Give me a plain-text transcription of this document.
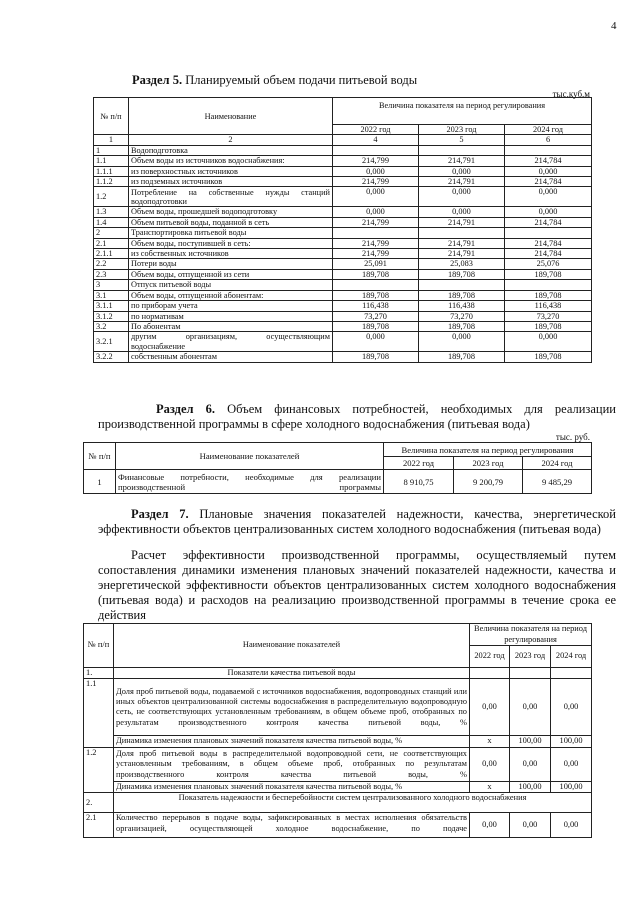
4
Раздел 5. Планируемый объем подачи питьевой воды
тыс.куб.м
№ п/п	Наименование	Величина показателя на период регулирования		
		2022 год	2023 год	2024 год
1	2	4	5	6
1	Водоподготовка			
1.1	Объем воды из источников водоснабжения:	214,799	214,791	214,784
1.1.1	из поверхностных источников	0,000	0,000	0,000
1.1.2	из подземных источников	214,799	214,791	214,784
1.2	Потребление на собственные нужды станций водоподготовки	0,000	0,000	0,000
1.3	Объем воды, прошедшей водоподготовку	0,000	0,000	0,000
1.4	Объем питьевой воды, поданной в сеть	214,799	214,791	214,784
2	Транспортировка питьевой воды			
2.1	Объем воды, поступившей в сеть:	214,799	214,791	214,784
2.1.1	из собственных источников	214,799	214,791	214,784
2.2	Потери воды	25,091	25,083	25,076
2.3	Объем воды, отпущенной из сети	189,708	189,708	189,708
3	Отпуск питьевой воды			
3.1	Объем воды, отпущенной абонентам:	189,708	189,708	189,708
3.1.1	по приборам учета	116,438	116,438	116,438
3.1.2	по нормативам	73,270	73,270	73,270
3.2	По абонентам	189,708	189,708	189,708
3.2.1	другим организациям, осуществляющим водоснабжение	0,000	0,000	0,000
3.2.2	собственным абонентам	189,708	189,708	189,708
Раздел 6. Объем финансовых потребностей, необходимых для реализации производственной программы в сфере холодного водоснабжения (питьевая вода)
тыс. руб.
№ п/п	Наименование показателей	Величина показателя на период регулирования		
		2022 год	2023 год	2024 год
1	Финансовые потребности, необходимые для реализации производственной программы	8 910,75	9 200,79	9 485,29
Раздел 7. Плановые значения показателей надежности, качества, энергетической эффективности объектов централизованных систем холодного водоснабжения (питьевая вода)
Расчет эффективности производственной программы, осуществляемый путем сопоставления динамики изменения плановых значений показателей надежности, качества и энергетической эффективности объектов централизованных систем холодного водоснабжения (питьевая вода) и расходов на реализацию производственной программы в течение срока ее действия
№ п/п	Наименование показателей	Величина показателя на период регулирования		
		2022 год	2023 год	2024 год
1.	Показатели качества питьевой воды			
1.1	Доля проб питьевой воды, подаваемой с источников водоснабжения, водопроводных станций или иных объектов централизованной системы водоснабжения в распределительную водопроводную сеть, не соответствующих установленным требованиям, в общем объеме проб, отобранных по результатам производственного контроля качества питьевой воды, %	0,00	0,00	0,00
	Динамика изменения плановых значений показателя качества питьевой воды, %	х	100,00	100,00
1.2	Доля проб питьевой воды в распределительной водопроводной сети, не соответствующих установленным требованиям, в общем объеме проб, отобранных по результатам производственного контроля качества питьевой воды, %	0,00	0,00	0,00
	Динамика изменения плановых значений показателя качества питьевой воды, %	х	100,00	100,00
2.	Показатель надежности и бесперебойности систем централизованного холодного водоснабжения			
2.1	Количество перерывов в подаче воды, зафиксированных в местах исполнения обязательств организацией, осуществляющей холодное водоснабжение, по подаче	0,00	0,00	0,00
